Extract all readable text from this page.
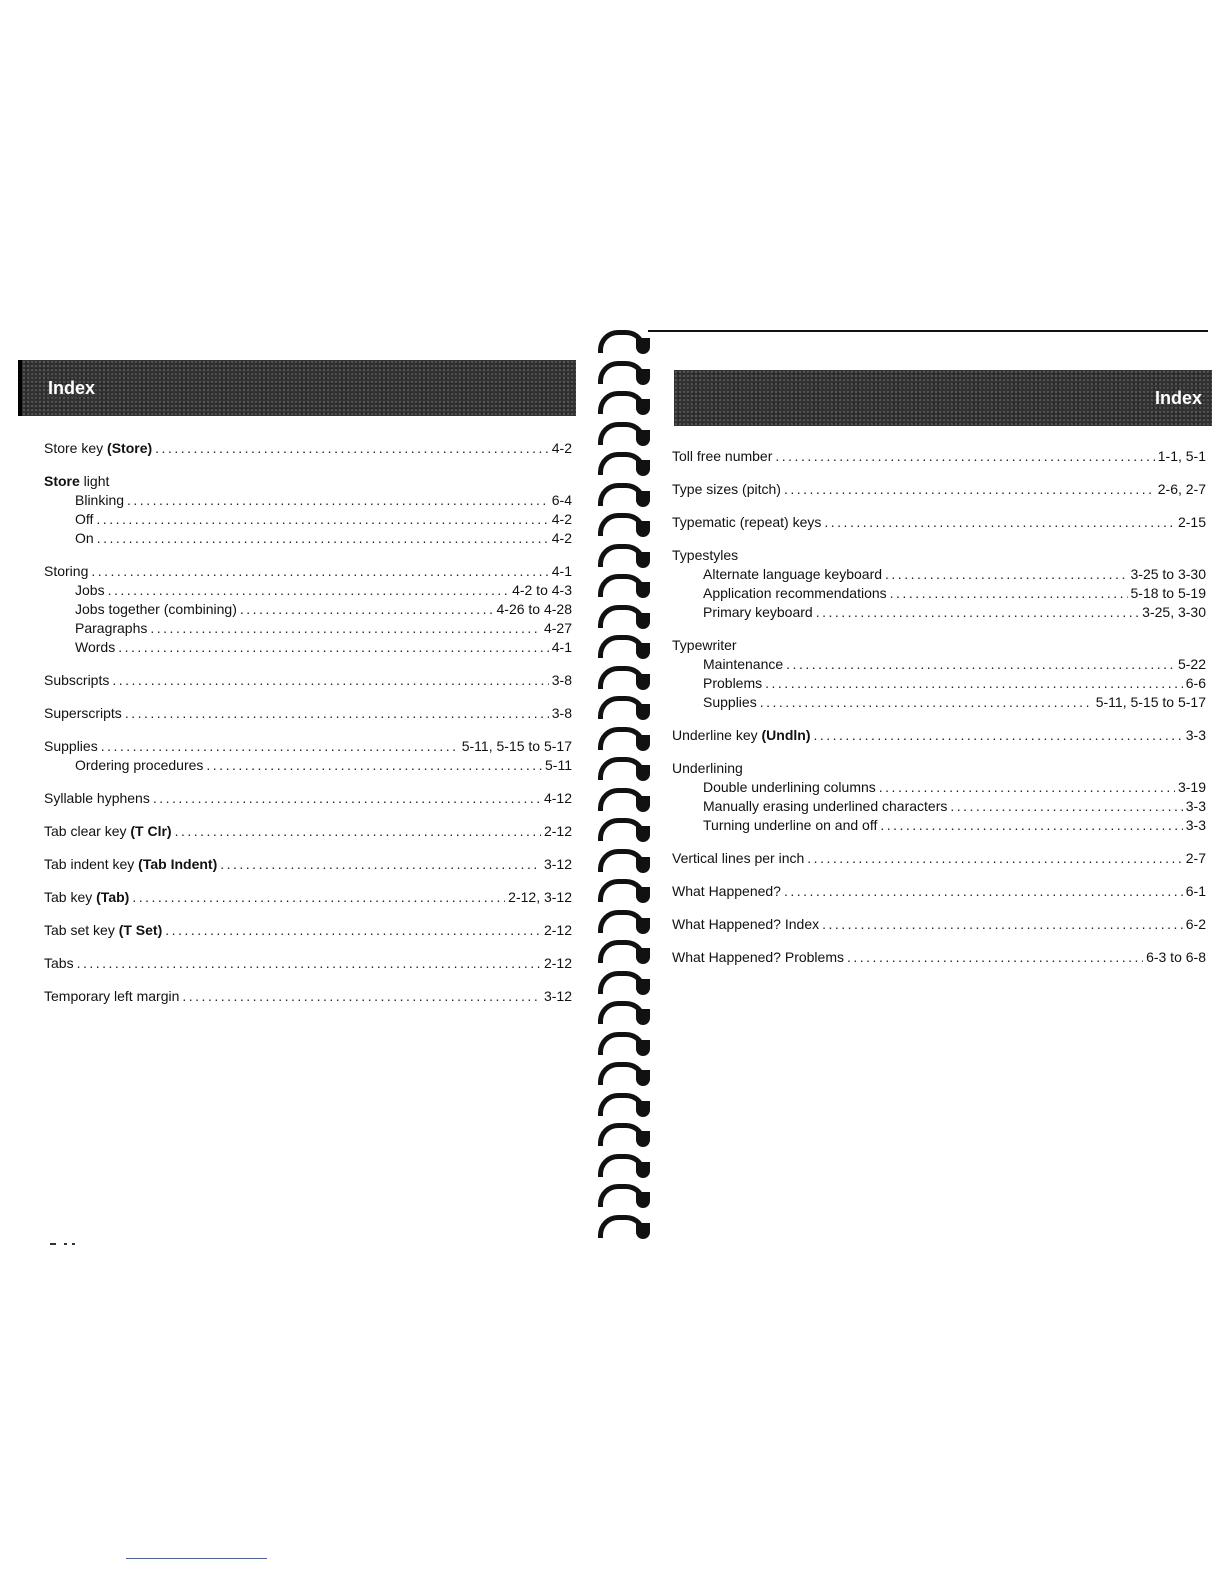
Index
Store key (Store) .....	4-2
Store light
Blinking .....	6-4
Off .....	4-2
On .....	4-2
Storing .....	4-1
Jobs .....	4-2 to 4-3
Jobs together (combining) .....	4-26 to 4-28
Paragraphs .....	4-27
Words .....	4-1
Subscripts .....	3-8
Superscripts .....	3-8
Supplies .....	5-11, 5-15 to 5-17
Ordering procedures .....	5-11
Syllable hyphens .....	4-12
Tab clear key (T Clr) .....	2-12
Tab indent key (Tab Indent) .....	3-12
Tab key (Tab) .....	2-12, 3-12
Tab set key (T Set) .....	2-12
Tabs .....	2-12
Temporary left margin .....	3-12
Index
Toll free number .....	1-1, 5-1
Type sizes (pitch) .....	2-6, 2-7
Typematic (repeat) keys .....	2-15
Typestyles
Alternate language keyboard .....	3-25 to 3-30
Application recommendations .....	5-18 to 5-19
Primary keyboard .....	3-25, 3-30
Typewriter
Maintenance .....	5-22
Problems .....	6-6
Supplies .....	5-11, 5-15 to 5-17
Underline key (Undln) .....	3-3
Underlining
Double underlining columns .....	3-19
Manually erasing underlined characters .....	3-3
Turning underline on and off .....	3-3
Vertical lines per inch .....	2-7
What Happened? .....	6-1
What Happened? Index .....	6-2
What Happened? Problems .....	6-3 to 6-8
